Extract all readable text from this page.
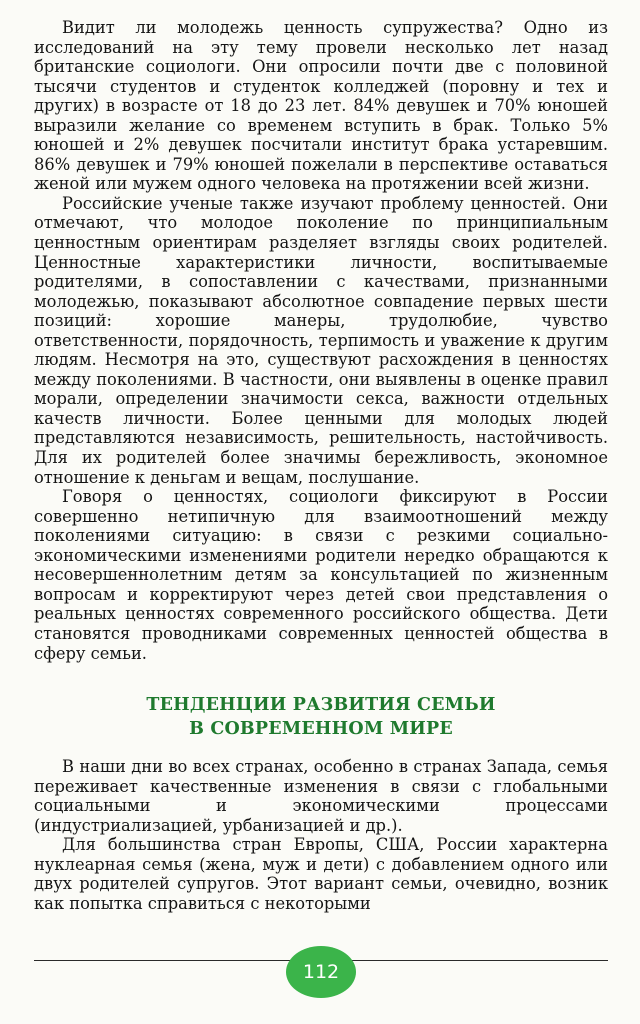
Видит ли молодежь ценность супружества? Одно из исследований на эту тему провели несколько лет назад британские социологи. Они опросили почти две с половиной тысячи студентов и студенток колледжей (поровну и тех и других) в возрасте от 18 до 23 лет. 84% девушек и 70% юношей выразили желание со временем вступить в брак. Только 5% юношей и 2% девушек посчитали институт брака устаревшим. 86% девушек и 79% юношей пожелали в перспективе оставаться женой или мужем одного человека на протяжении всей жизни.

Российские ученые также изучают проблему ценностей. Они отмечают, что молодое поколение по принципиальным ценностным ориентирам разделяет взгляды своих родителей. Ценностные характеристики личности, воспитываемые родителями, в сопоставлении с качествами, признанными молодежью, показывают абсолютное совпадение первых шести позиций: хорошие манеры, трудолюбие, чувство ответственности, порядочность, терпимость и уважение к другим людям. Несмотря на это, существуют расхождения в ценностях между поколениями. В частности, они выявлены в оценке правил морали, определении значимости секса, важности отдельных качеств личности. Более ценными для молодых людей представляются независимость, решительность, настойчивость. Для их родителей более значимы бережливость, экономное отношение к деньгам и вещам, послушание.

Говоря о ценностях, социологи фиксируют в России совершенно нетипичную для взаимоотношений между поколениями ситуацию: в связи с резкими социально-экономическими изменениями родители нередко обращаются к несовершеннолетним детям за консультацией по жизненным вопросам и корректируют через детей свои представления о реальных ценностях современного российского общества. Дети становятся проводниками современных ценностей общества в сферу семьи.

ТЕНДЕНЦИИ РАЗВИТИЯ СЕМЬИ
В СОВРЕМЕННОМ МИРЕ

В наши дни во всех странах, особенно в странах Запада, семья переживает качественные изменения в связи с глобальными социальными и экономическими процессами (индустриализацией, урбанизацией и др.).

Для большинства стран Европы, США, России характерна нуклеарная семья (жена, муж и дети) с добавлением одного или двух родителей супругов. Этот вариант семьи, очевидно, возник как попытка справиться с некоторыми

112
